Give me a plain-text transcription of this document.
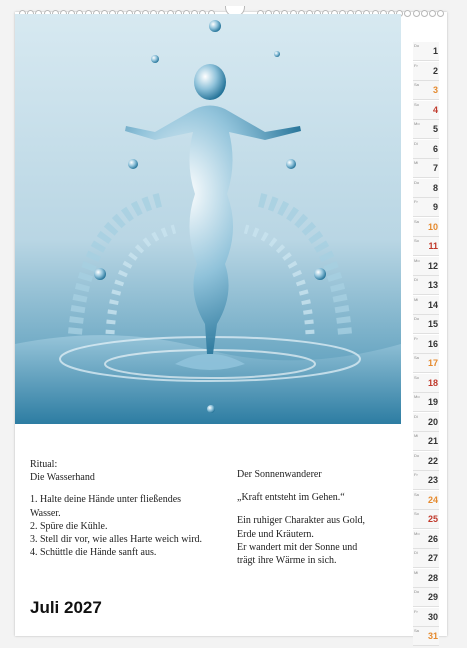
Do
1
Fr
2
Sa
3
So
4
Mo
5
Di
6
Mi
7
Do
8
Fr
9
Sa
10
So
11
Mo
12
Di
13
Mi
14
Do
15
Fr
16
Sa
17
So
18
Mo
19
Di
20
Mi
21
Do
22
Fr
23
Sa
24
So
25
Mo
26
Di
27
Mi
28
Do
29
Fr
30
Sa
31

Ritual:
Die Wasserhand

1. Halte deine Hände unter fließendes
Wasser.
2. Spüre die Kühle.
3. Stell dir vor, wie alles Harte weich wird.
4. Schüttle die Hände sanft aus.

Der Sonnenwanderer

„Kraft entsteht im Gehen.“

Ein ruhiger Charakter aus Gold,
Erde und Kräutern.
Er wandert mit der Sonne und
trägt ihre Wärme in sich.

Juli 2027
